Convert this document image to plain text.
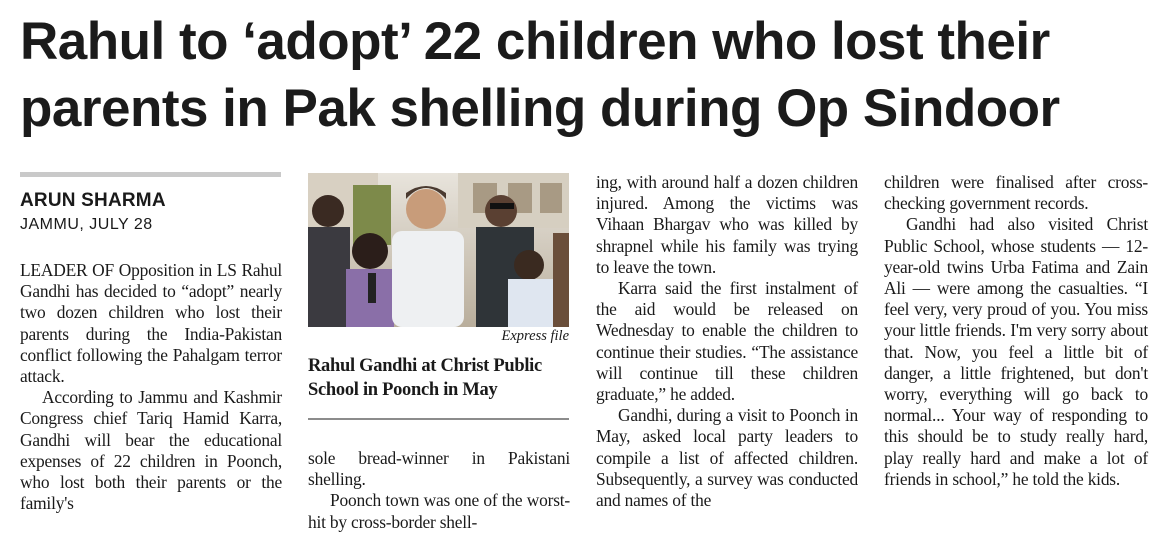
Rahul to ‘adopt’ 22 children who lost their
parents in Pak shelling during Op Sindoor
ARUN SHARMA
JAMMU, JULY 28

LEADER OF Opposition in LS Rahul Gandhi has decided to “adopt” nearly two dozen children who lost their parents during the India-Pakistan conflict following the Pahalgam terror attack.

According to Jammu and Kashmir Congress chief Tariq Hamid Karra, Gandhi will bear the educational expenses of 22 children in Poonch, who lost both their parents or the family's

Express file
Rahul Gandhi at Christ Public
School in Poonch in May

sole bread-winner in Pakistani shelling.

Poonch town was one of the worst-hit by cross-border shell-

ing, with around half a dozen children injured. Among the victims was Vihaan Bhargav who was killed by shrapnel while his family was trying to leave the town.

Karra said the first instalment of the aid would be released on Wednesday to enable the children to continue their studies. “The assistance will continue till these children graduate,” he added.

Gandhi, during a visit to Poonch in May, asked local party leaders to compile a list of affected children. Subsequently, a survey was conducted and names of the

children were finalised after cross-checking government records.

Gandhi had also visited Christ Public School, whose students — 12-year-old twins Urba Fatima and Zain Ali — were among the casualties. “I feel very, very proud of you. You miss your little friends. I'm very sorry about that. Now, you feel a little bit of danger, a little frightened, but don't worry, everything will go back to normal... Your way of responding to this should be to study really hard, play really hard and make a lot of friends in school,” he told the kids.
